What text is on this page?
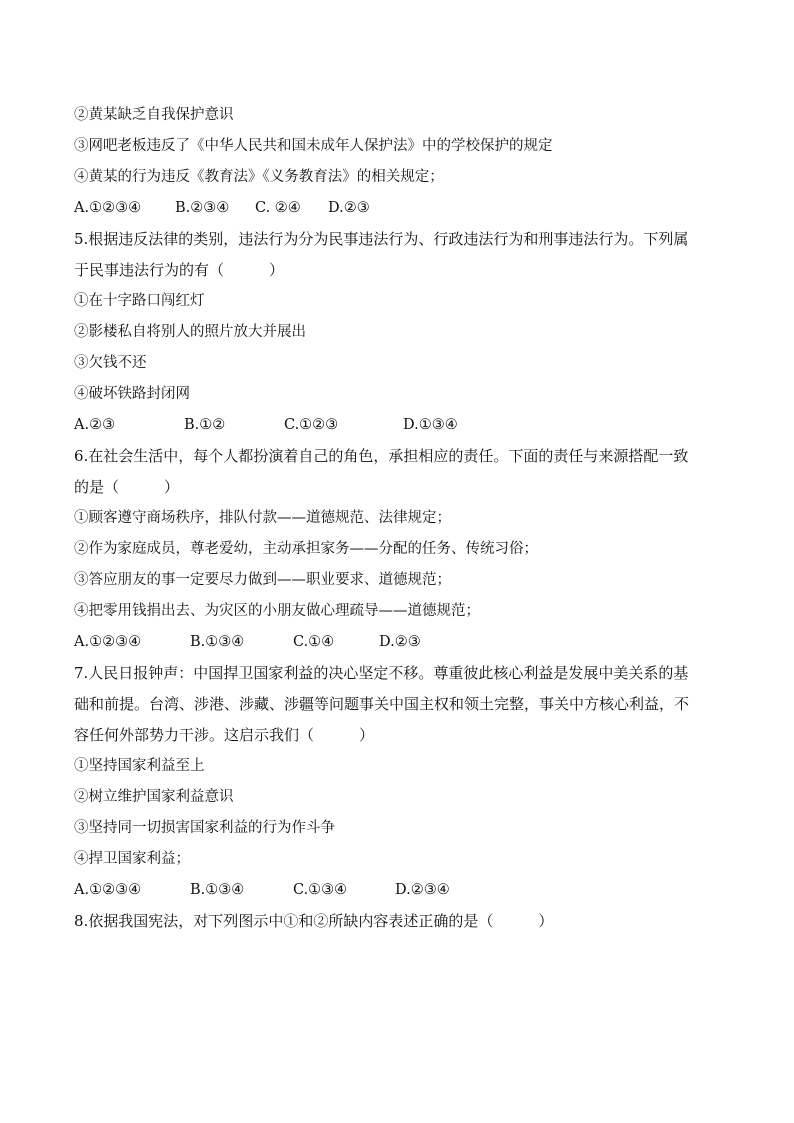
②黄某缺乏自我保护意识
③网吧老板违反了《中华人民共和国未成年人保护法》中的学校保护的规定
④黄某的行为违反《教育法》《义务教育法》的相关规定；
A.①②③④	B.②③④	C. ②④	D.②③
5.根据违反法律的类别，违法行为分为民事违法行为、行政违法行为和刑事违法行为。下列属
于民事违法行为的有（　　　）
①在十字路口闯红灯
②影楼私自将别人的照片放大并展出
③欠钱不还
④破坏铁路封闭网
A.②③	B.①②	C.①②③	D.①③④
6.在社会生活中，每个人都扮演着自己的角色，承担相应的责任。下面的责任与来源搭配一致
的是（　　　）
①顾客遵守商场秩序，排队付款——道德规范、法律规定；
②作为家庭成员，尊老爱幼，主动承担家务——分配的任务、传统习俗；
③答应朋友的事一定要尽力做到——职业要求、道德规范；
④把零用钱捐出去、为灾区的小朋友做心理疏导——道德规范；
A.①②③④	B.①③④	C.①④	D.②③
7.人民日报钟声：中国捍卫国家利益的决心坚定不移。尊重彼此核心利益是发展中美关系的基
础和前提。台湾、涉港、涉藏、涉疆等问题事关中国主权和领土完整，事关中方核心利益，不
容任何外部势力干涉。这启示我们（　　　）
①坚持国家利益至上
②树立维护国家利益意识
③坚持同一切损害国家利益的行为作斗争
④捍卫国家利益；
A.①②③④	B.①③④	C.①③④	D.②③④
8.依据我国宪法，对下列图示中①和②所缺内容表述正确的是（　　　）
